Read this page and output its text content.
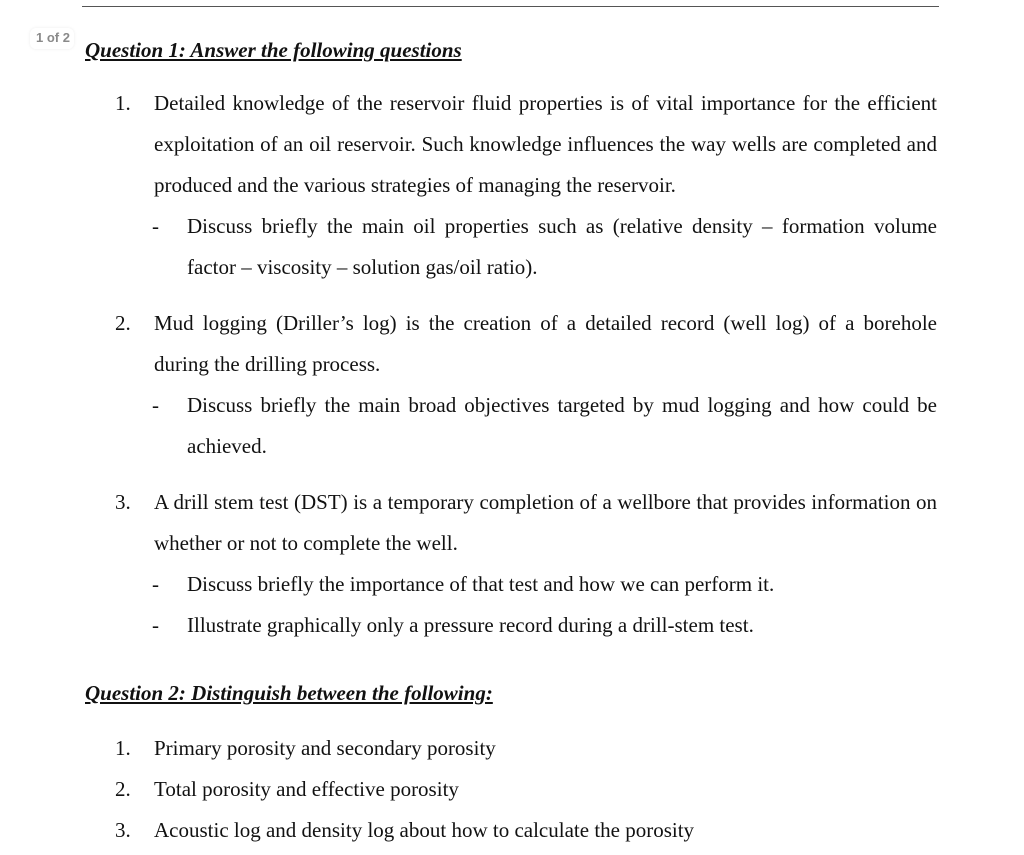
1 of 2
Question 1: Answer the following questions
1.	Detailed knowledge of the reservoir fluid properties is of vital importance for the efficient exploitation of an oil reservoir. Such knowledge influences the way wells are completed and produced and the various strategies of managing the reservoir.
-	Discuss briefly the main oil properties such as (relative density – formation volume factor – viscosity – solution gas/oil ratio).
2.	Mud logging (Driller’s log) is the creation of a detailed record (well log) of a borehole during the drilling process.
-	Discuss briefly the main broad objectives targeted by mud logging and how could be achieved.
3.	A drill stem test (DST) is a temporary completion of a wellbore that provides information on whether or not to complete the well.
-	Discuss briefly the importance of that test and how we can perform it.
-	Illustrate graphically only a pressure record during a drill-stem test.
Question 2: Distinguish between the following:
1. Primary porosity and secondary porosity
2. Total porosity and effective porosity
3. Acoustic log and density log about how to calculate the porosity
